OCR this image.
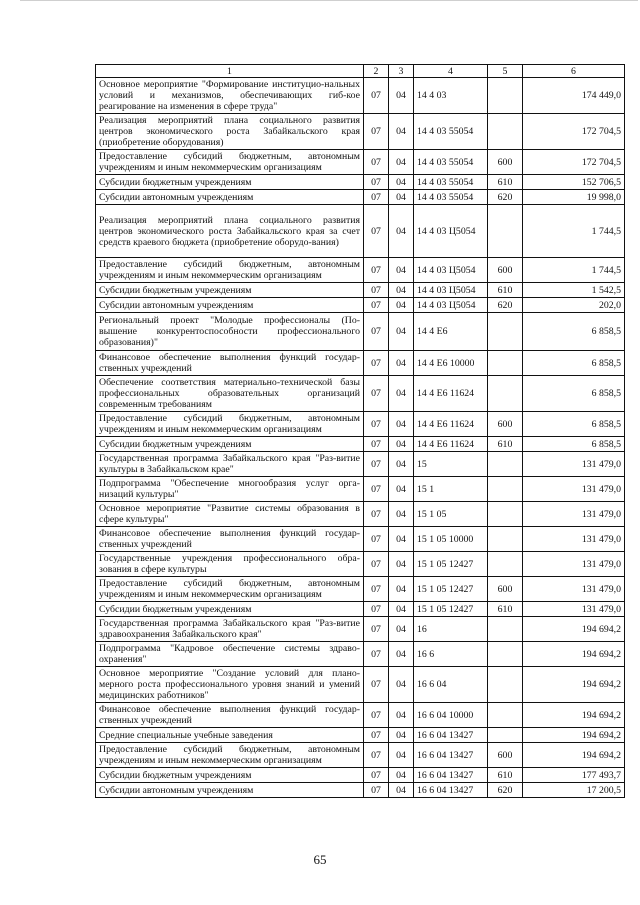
1	2	3	4	5	6
Основное мероприятие "Формирование институцио-нальных условий и механизмов, обеспечивающих гиб-кое реагирование на изменения в сфере труда"	07	04	14 4 03		174 449,0
Реализация мероприятий плана социального развития центров экономического роста Забайкальского края (приобретение оборудования)	07	04	14 4 03 55054		172 704,5
Предоставление субсидий бюджетным, автономным учреждениям и иным некоммерческим организациям	07	04	14 4 03 55054	600	172 704,5
Субсидии бюджетным учреждениям	07	04	14 4 03 55054	610	152 706,5
Субсидии автономным учреждениям	07	04	14 4 03 55054	620	19 998,0
Реализация мероприятий плана социального развития центров экономического роста Забайкальского края за счет средств краевого бюджета (приобретение оборудо-вания)	07	04	14 4 03 Ц5054		1 744,5
Предоставление субсидий бюджетным, автономным учреждениям и иным некоммерческим организациям	07	04	14 4 03 Ц5054	600	1 744,5
Субсидии бюджетным учреждениям	07	04	14 4 03 Ц5054	610	1 542,5
Субсидии автономным учреждениям	07	04	14 4 03 Ц5054	620	202,0
Региональный проект "Молодые профессионалы (По-вышение конкурентоспособности профессионального образования)"	07	04	14 4 Е6		6 858,5
Финансовое обеспечение выполнения функций государ-ственных учреждений	07	04	14 4 Е6 10000		6 858,5
Обеспечение соответствия материально-технической базы профессиональных образовательных организаций современным требованиям	07	04	14 4 Е6 11624		6 858,5
Предоставление субсидий бюджетным, автономным учреждениям и иным некоммерческим организациям	07	04	14 4 Е6 11624	600	6 858,5
Субсидии бюджетным учреждениям	07	04	14 4 Е6 11624	610	6 858,5
Государственная программа Забайкальского края "Раз-витие культуры в Забайкальском крае"	07	04	15		131 479,0
Подпрограмма "Обеспечение многообразия услуг орга-низаций культуры"	07	04	15 1		131 479,0
Основное мероприятие "Развитие системы образования в сфере культуры"	07	04	15 1 05		131 479,0
Финансовое обеспечение выполнения функций государ-ственных учреждений	07	04	15 1 05 10000		131 479,0
Государственные учреждения профессионального обра-зования в сфере культуры	07	04	15 1 05 12427		131 479,0
Предоставление субсидий бюджетным, автономным учреждениям и иным некоммерческим организациям	07	04	15 1 05 12427	600	131 479,0
Субсидии бюджетным учреждениям	07	04	15 1 05 12427	610	131 479,0
Государственная программа Забайкальского края "Раз-витие здравоохранения Забайкальского края"	07	04	16		194 694,2
Подпрограмма "Кадровое обеспечение системы здраво-охранения"	07	04	16 6		194 694,2
Основное мероприятие "Создание условий для плано-мерного роста профессионального уровня знаний и умений медицинских работников"	07	04	16 6 04		194 694,2
Финансовое обеспечение выполнения функций государ-ственных учреждений	07	04	16 6 04 10000		194 694,2
Средние специальные учебные заведения	07	04	16 6 04 13427		194 694,2
Предоставление субсидий бюджетным, автономным учреждениям и иным некоммерческим организациям	07	04	16 6 04 13427	600	194 694,2
Субсидии бюджетным учреждениям	07	04	16 6 04 13427	610	177 493,7
Субсидии автономным учреждениям	07	04	16 6 04 13427	620	17 200,5
65
